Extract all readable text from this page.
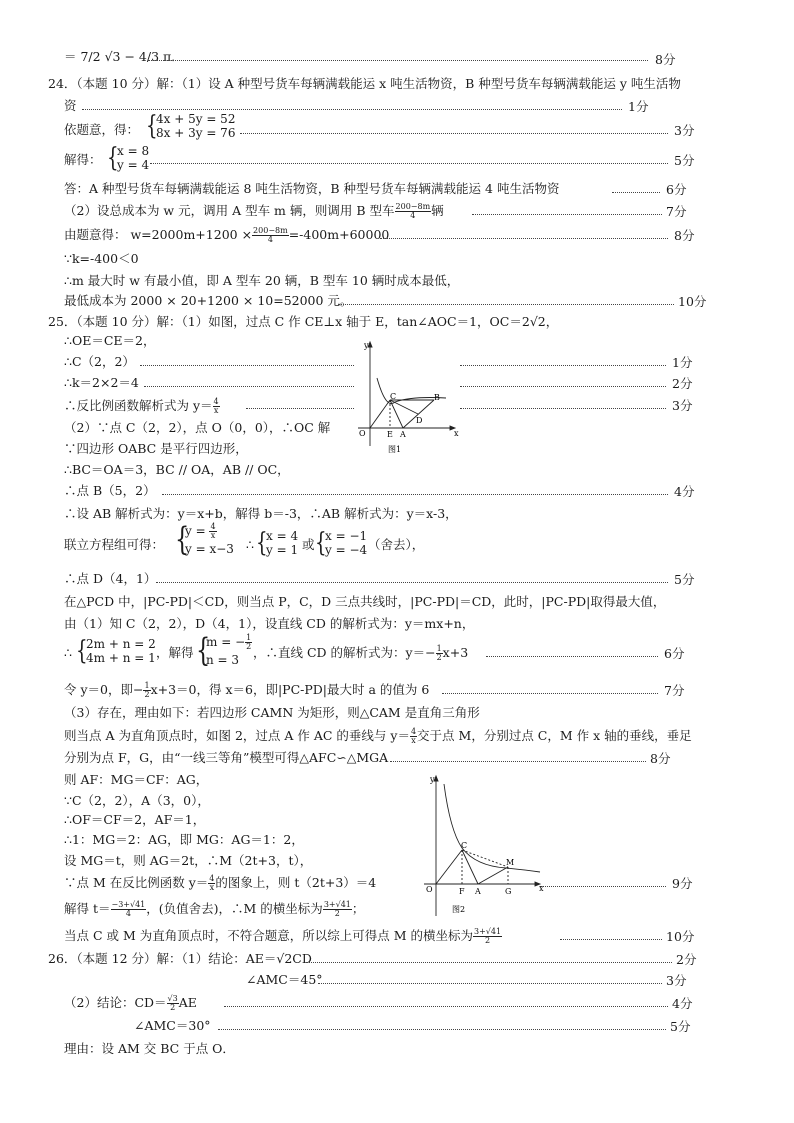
＝ 7/2 √3 − 4/3 π．	8分
24．（本题 10 分）解：（1）设 A 种型号货车每辆满载能运 x 吨生活物资，B 种型号货车每辆满载能运 y 吨生活物
资	1分
依题意，得： {
4x + 5y = 52
8x + 3y = 76	3分
解得： {
x = 8
y = 4	5分
答：A 种型号货车每辆满载能运 8 吨生活物资，B 种型号货车每辆满载能运 4 吨生活物资	6分
（2）设总成本为 w 元，调用 A 型车 m 辆，则调用 B 型车 $\frac{200-8m}{4}$ 辆	7分
由题意得： $w=2000m+1200 \times \frac{200-8m}{4} =-400m+60000$	8分
∵k=-400＜0
∴m 最大时 w 有最小值，即 A 型车 20 辆，B 型车 10 辆时成本最低，
最低成本为 2000 × 20+1200 × 10=52000 元。	10分
25．（本题 10 分）解：（1）如图，过点 C 作 CE⊥x 轴于 E，tan∠AOC＝1，OC＝2√2，
∴OE＝CE＝2，
∴C（2，2）	1分
∴k＝2×2＝4	2分
∴反比例函数解析式为 $y= \frac{4}{x}$	3分
（2）∵点 C（2，2），点 O（0，0），∴OC 解
∵四边形 OABC 是平行四边形，
∴BC＝OA＝3，BC // OA，AB // OC，
∴点 B（5，2）	4分
∴设 AB 解析式为：y＝x+b，解得 b＝-3，∴AB 解析式为：y＝x-3，
联立方程组可得： {
$y = \frac{4}{x}$
y = x−3 ∴ {
x = 4
y = 1 或 {
x = −1
y = −4 （舍去），
∴点 D（4，1）	5分
在△PCD 中，|PC-PD|＜CD，则当点 P，C，D 三点共线时，|PC-PD|＝CD，此时，|PC-PD|取得最大值，
由（1）知 C（2，2），D（4，1），设直线 CD 的解析式为：y＝mx+n，
∴ {
2m + n = 2
4m + n = 1 ，解得 {
m = − $\frac{1}{2}$
n = 3 ，∴直线 CD 的解析式为：$y=- \frac{1}{2} x+3$	6分
令 y＝0，即− $\frac{1}{2} x+3=0$，得 x＝6，即|PC-PD|最大时 a 的值为 6	7分
（3）存在，理由如下：若四边形 CAMN 为矩形，则△CAM 是直角三角形
则当点 A 为直角顶点时，如图 2，过点 A 作 AC 的垂线与 $y= \frac{4}{x}$ 交于点 M，分别过点 C，M 作 x 轴的垂线，垂足
分别为点 F，G，由“一线三等角”模型可得△AFC∽△MGA	8分
则 AF：MG＝CF：AG，
∵C（2，2），A（3，0），
∴OF＝CF＝2，AF＝1，
∴1：MG＝2：AG，即 MG：AG＝1：2，
设 MG＝t，则 AG＝2t，∴M（2t+3，t），
∵点 M 在反比例函数 $y= \frac{4}{x}$ 的图象上，则 t（2t+3）＝4	9分
解得 $t= \frac{-3+√41}{4}$ ，(负值舍去)，∴M 的横坐标为 $\frac{3+√41}{2}$ ；
当点 C 或 M 为直角顶点时，不符合题意，所以综上可得点 M 的横坐标为 $\frac{3+√41}{2}$	10分
26．（本题 12 分）解：（1）结论：AE＝√2CD	2分
∠AMC＝45°	3分
（2）结论：$CD= \frac{√3}{2}$ AE	4分
∠AMC＝30°	5分
理由：设 AM 交 BC 于点 O．
y
x
O
C	B
D
E A
图1
y
x
O
C
M
F A	G
图2
